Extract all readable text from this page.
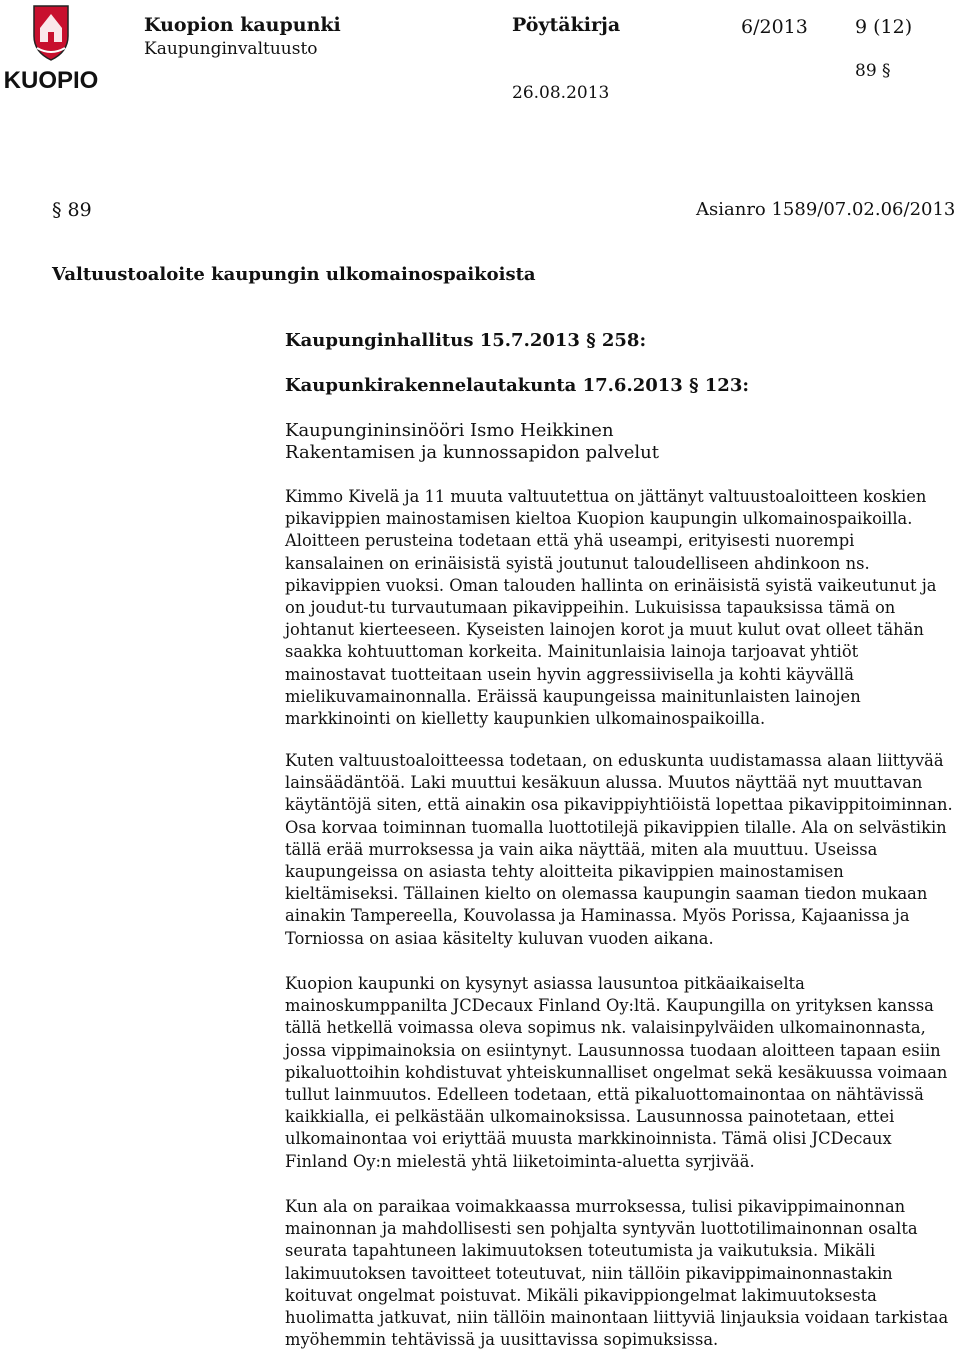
KUOPIO
Kuopion kaupunki
Kaupunginvaltuusto
Pöytäkirja	6/2013 9 (12)
26.08.2013
89 §
§ 89	Asianro 1589/07.02.06/2013
Valtuustoaloite kaupungin ulkomainospaikoista
Kaupunginhallitus 15.7.2013 § 258:
Kaupunkirakennelautakunta 17.6.2013 § 123:
Kaupungininsinööri Ismo Heikkinen
Rakentamisen ja kunnossapidon palvelut

Kimmo Kivelä ja 11 muuta valtuutettua on jättänyt valtuustoaloitteen koskien pikavippien mainostamisen kieltoa Kuopion kaupungin ulkomainospaikoilla. Aloitteen perusteina todetaan että yhä useampi, erityisesti nuorempi kansalainen on erinäisistä syistä joutunut taloudelliseen ahdinkoon ns. pikavippien vuoksi. Oman talouden hallinta on erinäisistä syistä vaikeutunut ja on joudut-tu turvautumaan pikavippeihin. Lukuisissa tapauksissa tämä on johtanut kierteeseen. Kyseisten lainojen korot ja muut kulut ovat olleet tähän saakka kohtuuttoman korkeita. Mainitunlaisia lainoja tarjoavat yhtiöt mainostavat tuotteitaan usein hyvin aggressiivisella ja kohti käyvällä mielikuvamainonnalla. Eräissä kaupungeissa mainitunlaisten lainojen markkinointi on kielletty kaupunkien ulkomainospaikoilla.

Kuten valtuustoaloitteessa todetaan, on eduskunta uudistamassa alaan liittyvää lainsäädäntöä. Laki muuttui kesäkuun alussa. Muutos näyttää nyt muuttavan käytäntöjä siten, että ainakin osa pikavippiyhtiöistä lopettaa pikavippitoiminnan. Osa korvaa toiminnan tuomalla luottotilejä pikavippien tilalle. Ala on selvästikin tällä erää murroksessa ja vain aika näyttää, miten ala muuttuu. Useissa kaupungeissa on asiasta tehty aloitteita pikavippien mainostamisen kieltämiseksi. Tällainen kielto on olemassa kaupungin saaman tiedon mukaan ainakin Tampereella, Kouvolassa ja Haminassa. Myös Porissa, Kajaanissa ja Torniossa on asiaa käsitelty kuluvan vuoden aikana.

Kuopion kaupunki on kysynyt asiassa lausuntoa pitkäaikaiselta mainoskumppanilta JCDecaux Finland Oy:ltä. Kaupungilla on yrityksen kanssa tällä hetkellä voimassa oleva sopimus nk. valaisinpylväiden ulkomainonnasta, jossa vippimainoksia on esiintynyt. Lausunnossa tuodaan aloitteen tapaan esiin pikaluottoihin kohdistuvat yhteiskunnalliset ongelmat sekä kesäkuussa voimaan tullut lainmuutos. Edelleen todetaan, että pikaluottomainontaa on nähtävissä kaikkialla, ei pelkästään ulkomainoksissa. Lausunnossa painotetaan, ettei ulkomainontaa voi eriyttää muusta markkinoinnista. Tämä olisi JCDecaux Finland Oy:n mielestä yhtä liiketoiminta-aluetta syrjivää.

Kun ala on paraikaa voimakkaassa murroksessa, tulisi pikavippimainonnan mainonnan ja mahdollisesti sen pohjalta syntyvän luottotilimainonnan osalta seurata tapahtuneen lakimuutoksen toteutumista ja vaikutuksia. Mikäli lakimuutoksen tavoitteet toteutuvat, niin tällöin pikavippimainonnastakin koituvat ongelmat poistuvat. Mikäli pikavippiongelmat lakimuutoksesta huolimatta jatkuvat, niin tällöin mainontaan liittyviä linjauksia voidaan tarkistaa myöhemmin tehtävissä ja uusittavissa sopimuksissa.
